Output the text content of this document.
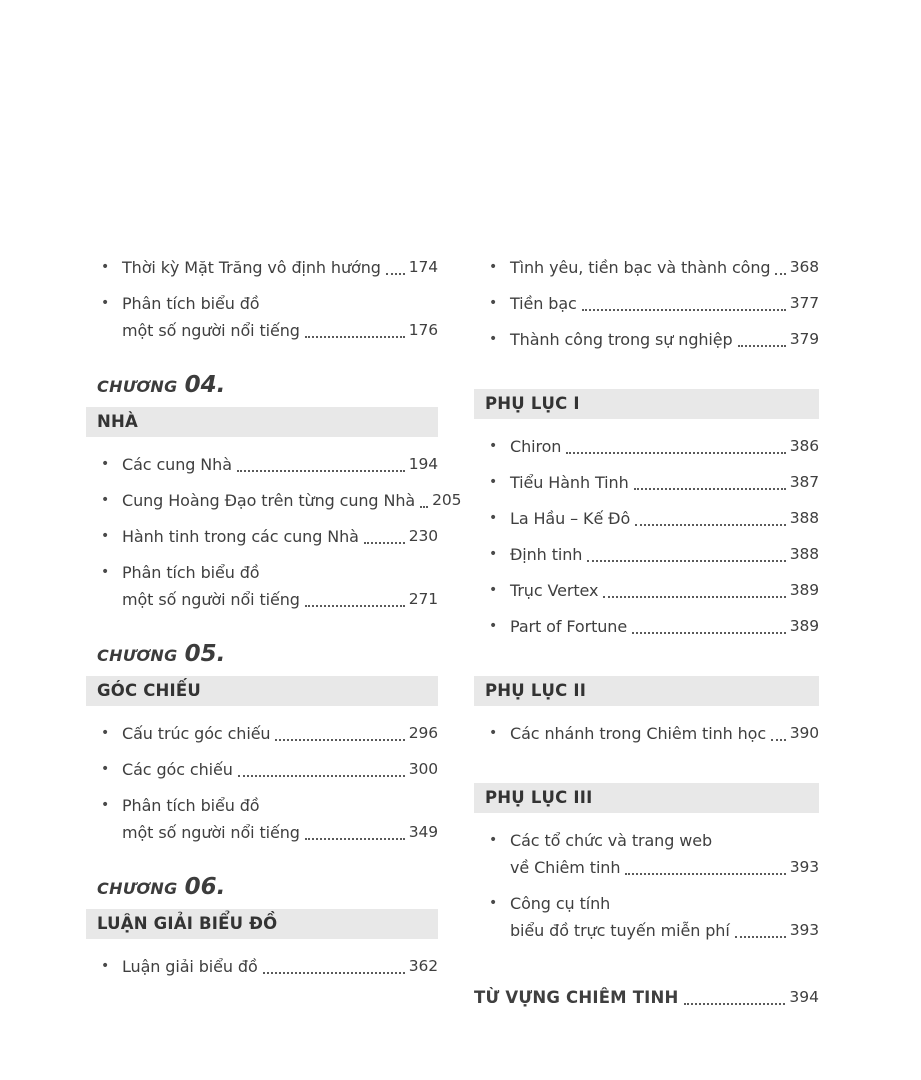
• Thời kỳ Mặt Trăng vô định hướng 174
• Phân tích biểu đồ
một số người nổi tiếng	176
CHƯƠNG 04.
NHÀ
• Các cung Nhà	194
• Cung Hoàng Đạo trên từng cung Nhà 205
• Hành tinh trong các cung Nhà	230
• Phân tích biểu đồ
một số người nổi tiếng	271
CHƯƠNG 05.
GÓC CHIẾU
• Cấu trúc góc chiếu	296
• Các góc chiếu	300
• Phân tích biểu đồ
một số người nổi tiếng	349
CHƯƠNG 06.
LUẬN GIẢI BIỂU ĐỒ
• Luận giải biểu đồ	362
• Tình yêu, tiền bạc và thành công 368
• Tiền bạc	377
• Thành công trong sự nghiệp	379
PHỤ LỤC I
• Chiron	386
• Tiểu Hành Tinh	387
• La Hầu – Kế Đô	388
• Định tinh	388
• Trục Vertex	389
• Part of Fortune	389
PHỤ LỤC II
• Các nhánh trong Chiêm tinh học 390
PHỤ LỤC III
• Các tổ chức và trang web
về Chiêm tinh	393
• Công cụ tính
biểu đồ trực tuyến miễn phí	393
TỪ VỰNG CHIÊM TINH	394
